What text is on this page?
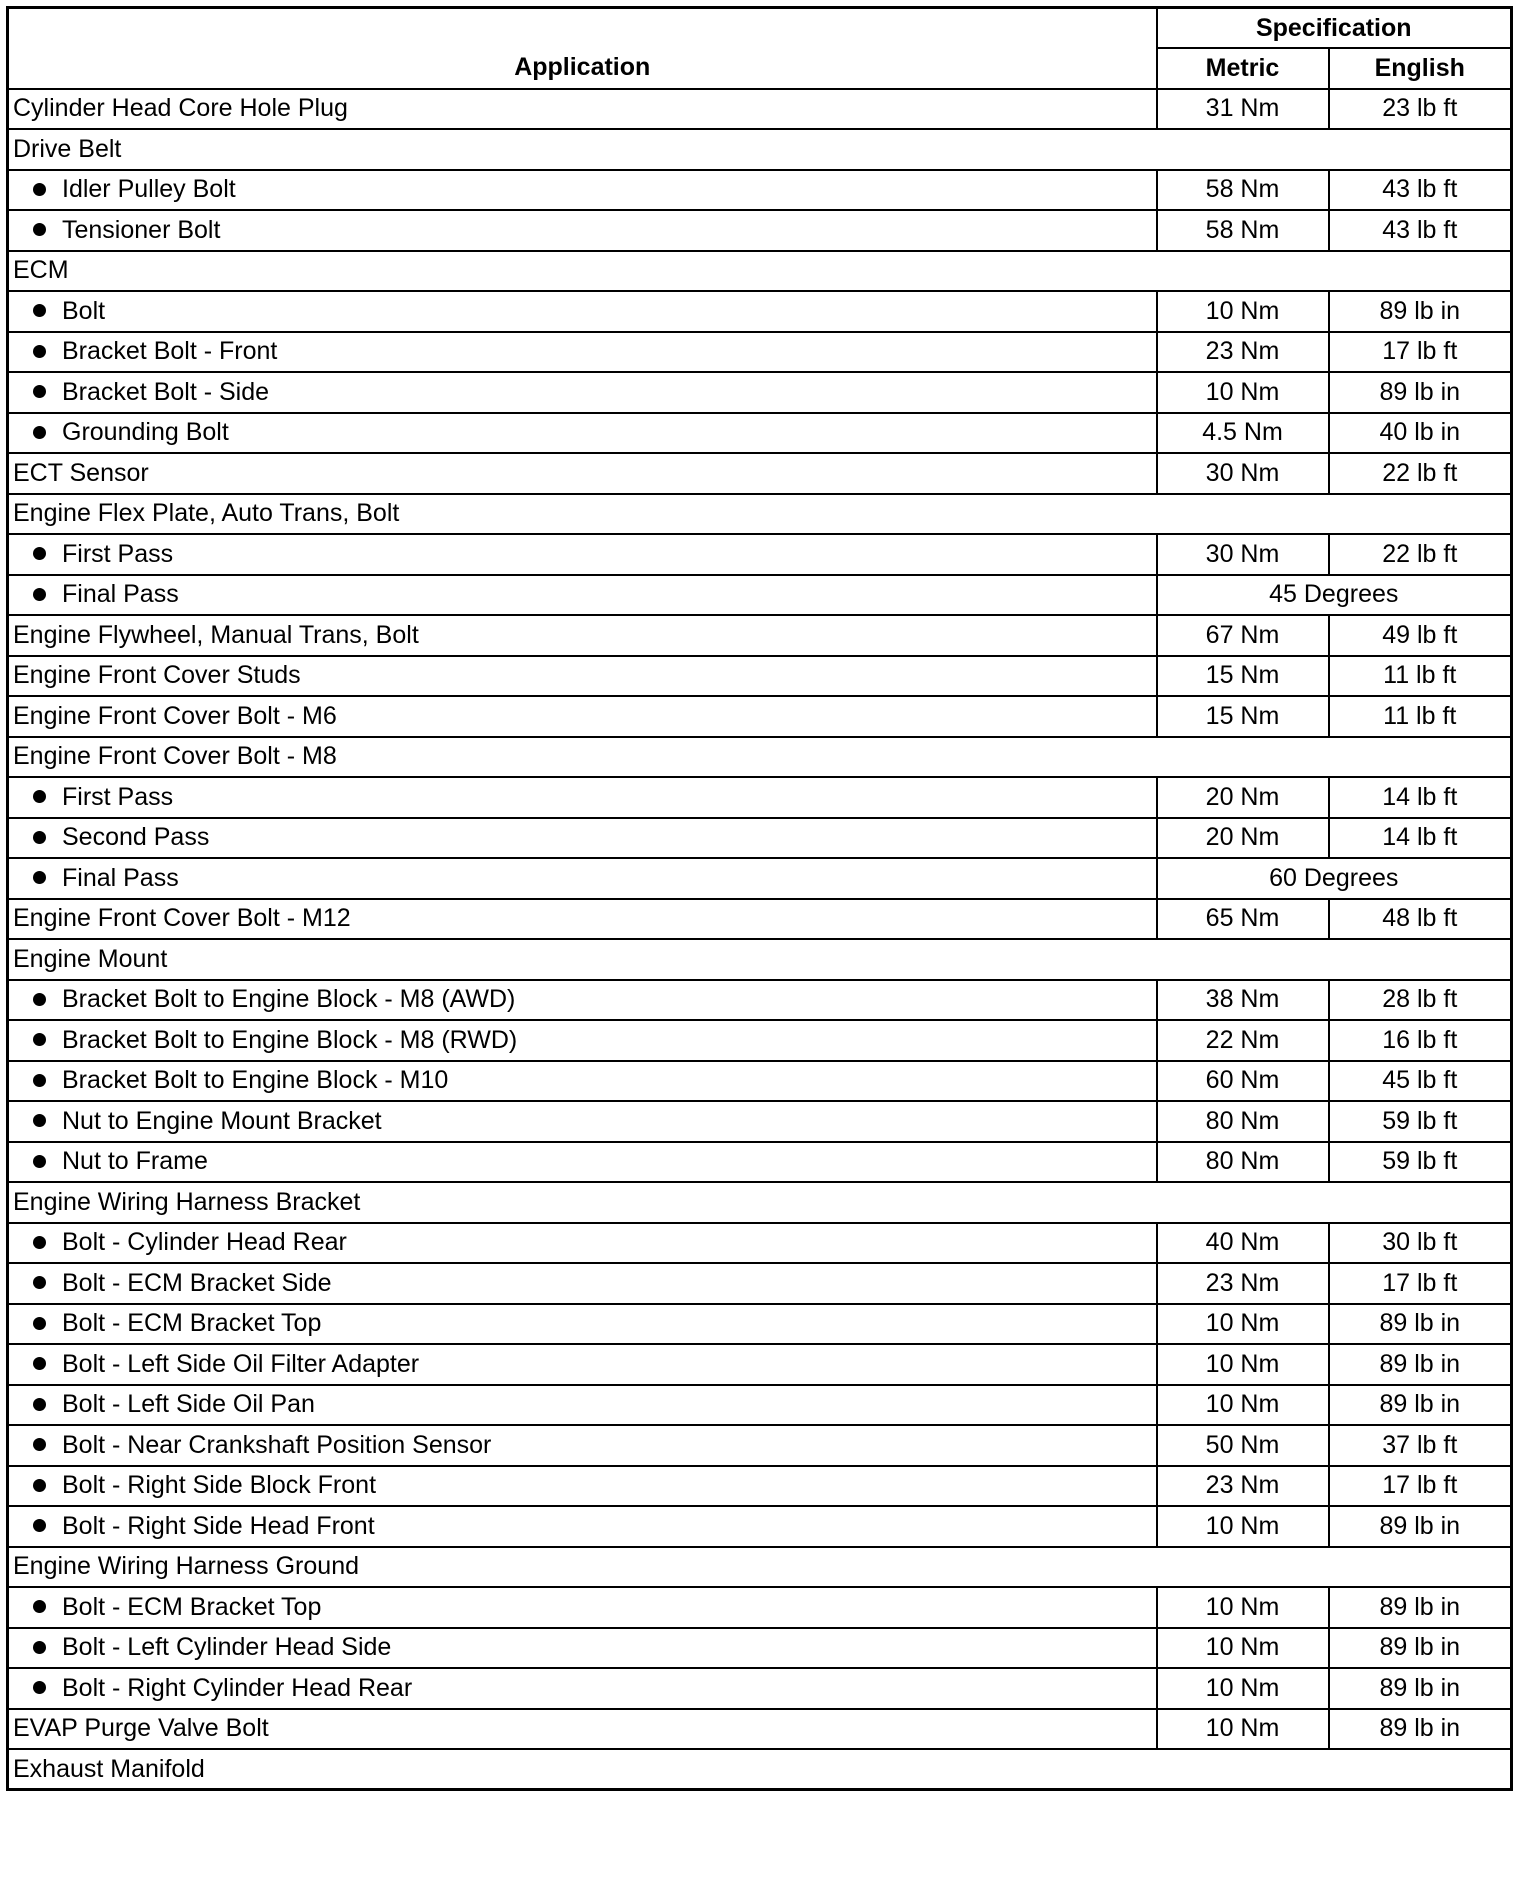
Application	Specification	
	Metric	English
Cylinder Head Core Hole Plug	31 Nm	23 lb ft
Drive Belt		
Idler Pulley Bolt	58 Nm	43 lb ft
Tensioner Bolt	58 Nm	43 lb ft
ECM		
Bolt	10 Nm	89 lb in
Bracket Bolt - Front	23 Nm	17 lb ft
Bracket Bolt - Side	10 Nm	89 lb in
Grounding Bolt	4.5 Nm	40 lb in
ECT Sensor	30 Nm	22 lb ft
Engine Flex Plate, Auto Trans, Bolt		
First Pass	30 Nm	22 lb ft
Final Pass	45 Degrees	
Engine Flywheel, Manual Trans, Bolt	67 Nm	49 lb ft
Engine Front Cover Studs	15 Nm	11 lb ft
Engine Front Cover Bolt - M6	15 Nm	11 lb ft
Engine Front Cover Bolt - M8		
First Pass	20 Nm	14 lb ft
Second Pass	20 Nm	14 lb ft
Final Pass	60 Degrees	
Engine Front Cover Bolt - M12	65 Nm	48 lb ft
Engine Mount		
Bracket Bolt to Engine Block - M8 (AWD)	38 Nm	28 lb ft
Bracket Bolt to Engine Block - M8 (RWD)	22 Nm	16 lb ft
Bracket Bolt to Engine Block - M10	60 Nm	45 lb ft
Nut to Engine Mount Bracket	80 Nm	59 lb ft
Nut to Frame	80 Nm	59 lb ft
Engine Wiring Harness Bracket		
Bolt - Cylinder Head Rear	40 Nm	30 lb ft
Bolt - ECM Bracket Side	23 Nm	17 lb ft
Bolt - ECM Bracket Top	10 Nm	89 lb in
Bolt - Left Side Oil Filter Adapter	10 Nm	89 lb in
Bolt - Left Side Oil Pan	10 Nm	89 lb in
Bolt - Near Crankshaft Position Sensor	50 Nm	37 lb ft
Bolt - Right Side Block Front	23 Nm	17 lb ft
Bolt - Right Side Head Front	10 Nm	89 lb in
Engine Wiring Harness Ground		
Bolt - ECM Bracket Top	10 Nm	89 lb in
Bolt - Left Cylinder Head Side	10 Nm	89 lb in
Bolt - Right Cylinder Head Rear	10 Nm	89 lb in
EVAP Purge Valve Bolt	10 Nm	89 lb in
Exhaust Manifold		
